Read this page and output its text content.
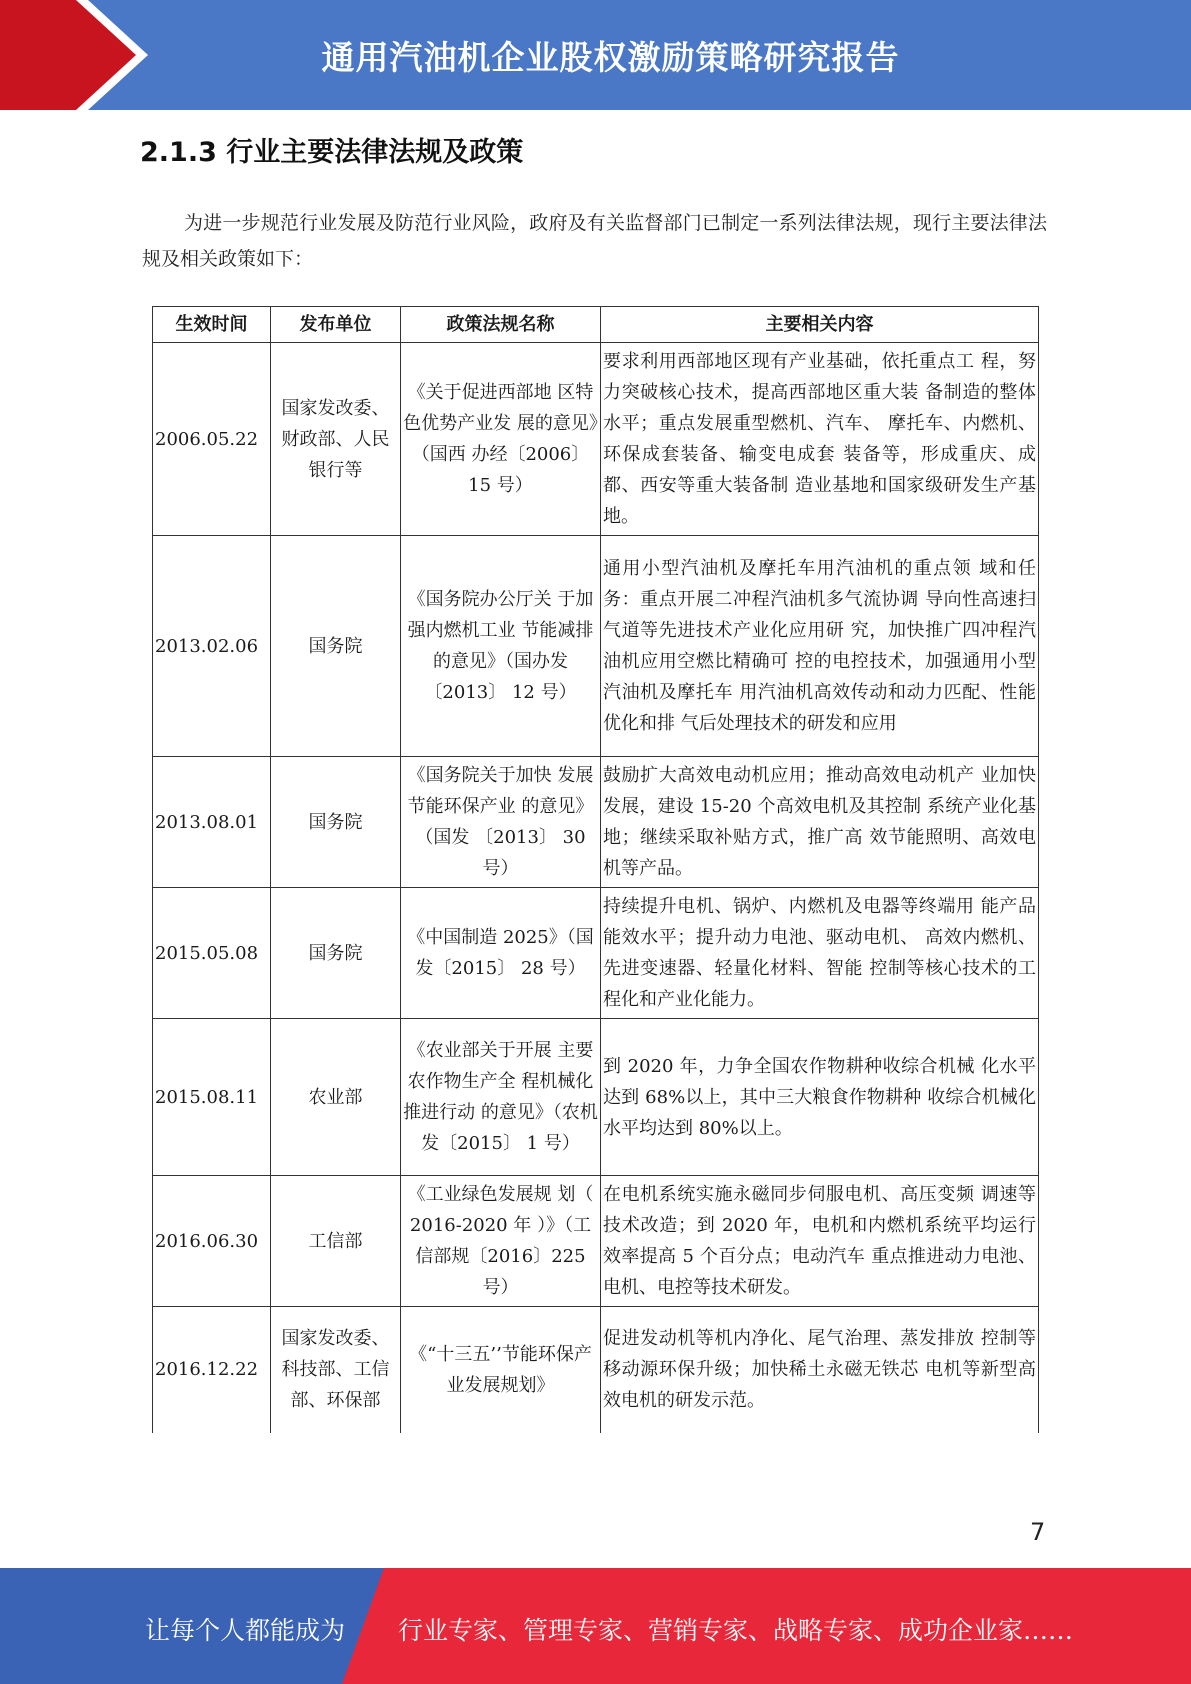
通用汽油机企业股权激励策略研究报告
2.1.3 行业主要法律法规及政策
为进一步规范行业发展及防范行业风险，政府及有关监督部门已制定一系列法律法规，现行主要法律法规及相关政策如下：
生效时间	发布单位	政策法规名称	主要相关内容
2006.05.22	国家发改委、财政部、人民银行等	《关于促进西部地 区特色优势产业发 展的意见》（国西 办经〔2006〕 15 号）	要求利用西部地区现有产业基础，依托重点工 程，努力突破核心技术，提高西部地区重大装 备制造的整体水平；重点发展重型燃机、汽车、 摩托车、内燃机、环保成套装备、输变电成套 装备等，形成重庆、成都、西安等重大装备制 造业基地和国家级研发生产基地。
2013.02.06	国务院	《国务院办公厅关 于加强内燃机工业 节能减排的意见》（国办发〔2013〕 12 号）	通用小型汽油机及摩托车用汽油机的重点领 域和任务：重点开展二冲程汽油机多气流协调 导向性高速扫气道等先进技术产业化应用研 究，加快推广四冲程汽油机应用空燃比精确可 控的电控技术，加强通用小型汽油机及摩托车 用汽油机高效传动和动力匹配、性能优化和排 气后处理技术的研发和应用
2013.08.01	国务院	《国务院关于加快 发展节能环保产业 的意见》（国发 〔2013〕 30 号）	鼓励扩大高效电动机应用；推动高效电动机产 业加快发展，建设 15-20 个高效电机及其控制 系统产业化基地；继续采取补贴方式，推广高 效节能照明、高效电机等产品。
2015.05.08	国务院	《中国制造 2025》（国发〔2015〕 28 号）	持续提升电机、锅炉、内燃机及电器等终端用 能产品能效水平；提升动力电池、驱动电机、 高效内燃机、先进变速器、轻量化材料、智能 控制等核心技术的工程化和产业化能力。
2015.08.11	农业部	《农业部关于开展 主要农作物生产全 程机械化推进行动 的意见》（农机发〔2015〕 1 号）	到 2020 年，力争全国农作物耕种收综合机械 化水平达到 68%以上，其中三大粮食作物耕种 收综合机械化水平均达到 80%以上。
2016.06.30	工信部	《工业绿色发展规 划（ 2016-2020 年 ）》（工信部规〔2016〕225 号）	在电机系统实施永磁同步伺服电机、高压变频 调速等技术改造；到 2020 年，电机和内燃机系统平均运行效率提高 5 个百分点；电动汽车 重点推进动力电池、电机、电控等技术研发。
2016.12.22	国家发改委、科技部、工信部、环保部	《“十三五’’节能环保产业发展规划》	促进发动机等机内净化、尾气治理、蒸发排放 控制等移动源环保升级；加快稀土永磁无铁芯 电机等新型高效电机的研发示范。
7
让每个人都能成为 行业专家、管理专家、营销专家、战略专家、成功企业家……
